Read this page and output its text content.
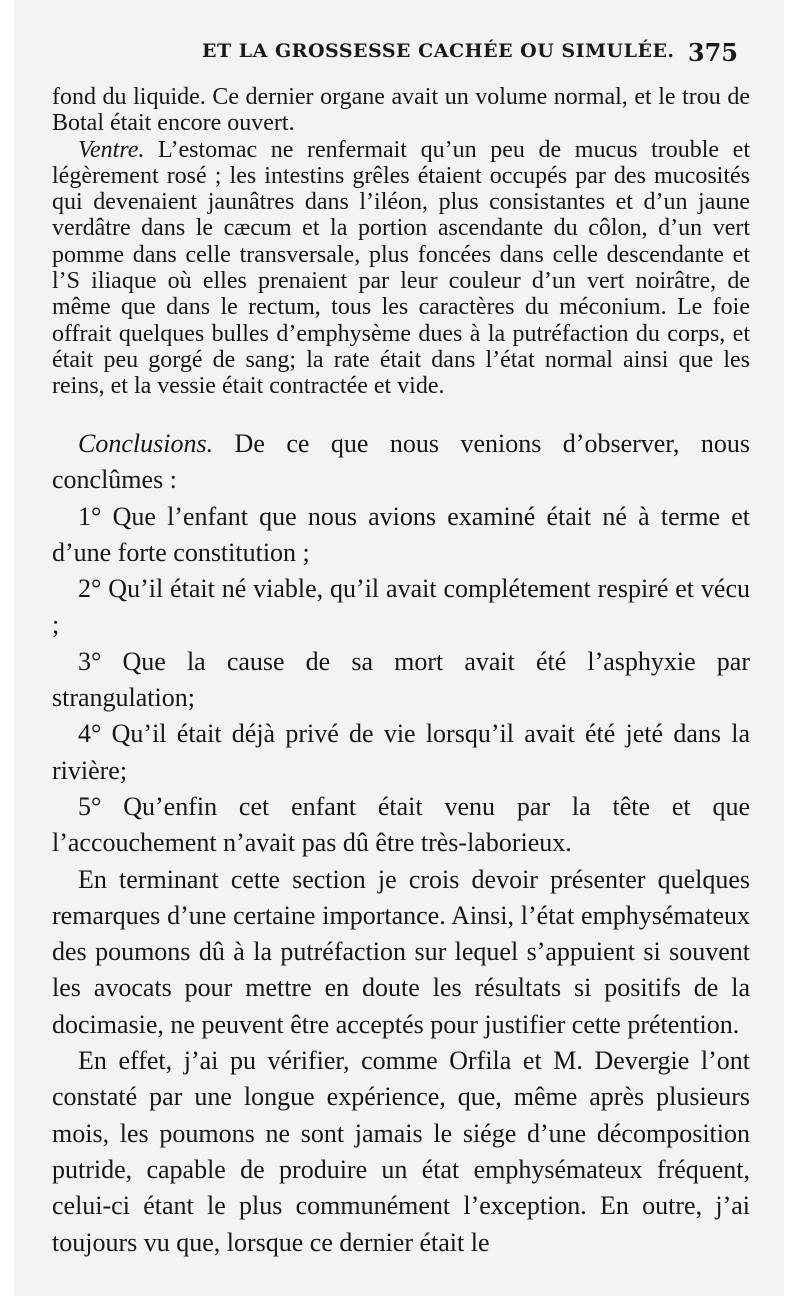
ET LA GROSSESSE CACHÉE OU SIMULÉE. 375

fond du liquide. Ce dernier organe avait un volume normal, et le trou de Botal était encore ouvert.

Ventre. L’estomac ne renfermait qu’un peu de mucus trouble et légèrement rosé ; les intestins grêles étaient occupés par des mucosités qui devenaient jaunâtres dans l’iléon, plus consistantes et d’un jaune verdâtre dans le cæcum et la portion ascendante du côlon, d’un vert pomme dans celle transversale, plus foncées dans celle descendante et l’S iliaque où elles prenaient par leur couleur d’un vert noirâtre, de même que dans le rectum, tous les caractères du méconium. Le foie offrait quelques bulles d’emphysème dues à la putréfaction du corps, et était peu gorgé de sang; la rate était dans l’état normal ainsi que les reins, et la vessie était contractée et vide.

Conclusions. De ce que nous venions d’observer, nous conclûmes :

1° Que l’enfant que nous avions examiné était né à terme et d’une forte constitution ;

2° Qu’il était né viable, qu’il avait complétement respiré et vécu ;

3° Que la cause de sa mort avait été l’asphyxie par strangulation;

4° Qu’il était déjà privé de vie lorsqu’il avait été jeté dans la rivière;

5° Qu’enfin cet enfant était venu par la tête et que l’accouchement n’avait pas dû être très-laborieux.

En terminant cette section je crois devoir présenter quelques remarques d’une certaine importance. Ainsi, l’état emphysémateux des poumons dû à la putréfaction sur lequel s’appuient si souvent les avocats pour mettre en doute les résultats si positifs de la docimasie, ne peuvent être acceptés pour justifier cette prétention.

En effet, j’ai pu vérifier, comme Orfila et M. Devergie l’ont constaté par une longue expérience, que, même après plusieurs mois, les poumons ne sont jamais le siége d’une décomposition putride, capable de produire un état emphysémateux fréquent, celui-ci étant le plus communément l’exception. En outre, j’ai toujours vu que, lorsque ce dernier était le
